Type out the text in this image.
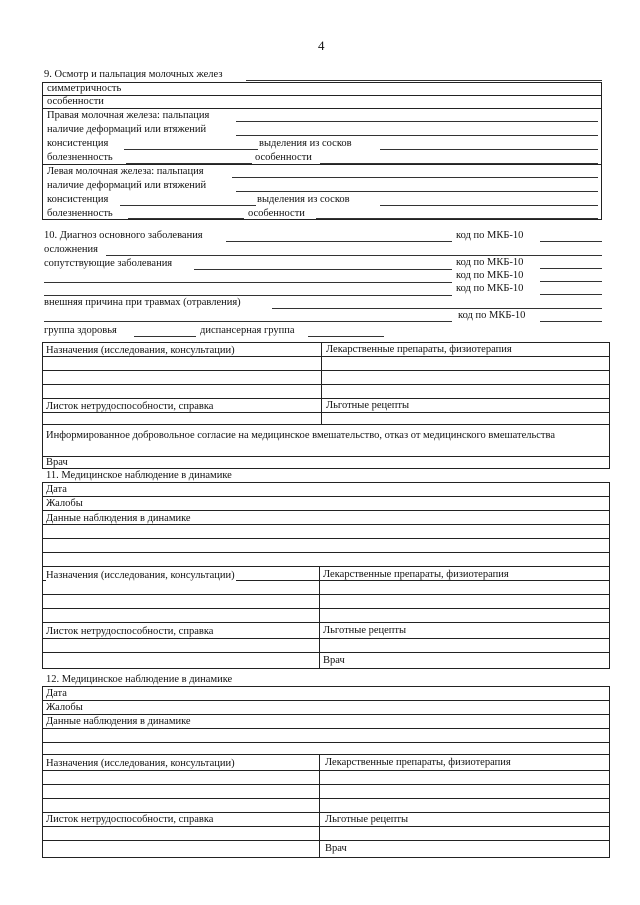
4
9. Осмотр и пальпация молочных желез
симметричность
особенности
Правая молочная железа: пальпация
наличие деформаций или втяжений
консистенция	выделения из сосков
болезненность	особенности
Левая молочная железа: пальпация
наличие деформаций или втяжений
консистенция	выделения из сосков
болезненность	особенности
10. Диагноз основного заболевания	код по МКБ-10
осложнения
сопутствующие заболевания	код по МКБ-10
код по МКБ-10
код по МКБ-10
внешняя причина при травмах (отравления)
код по МКБ-10
группа здоровья	диспансерная группа
Назначения (исследования, консультации)	Лекарственные препараты, физиотерапия
Листок нетрудоспособности, справка	Льготные рецепты
Информированное добровольное согласие на медицинское вмешательство, отказ от медицинского вмешательства
Врач
11. Медицинское наблюдение в динамике
Дата
Жалобы
Данные наблюдения в динамике
Назначения (исследования, консультации)	Лекарственные препараты, физиотерапия
Листок нетрудоспособности, справка	Льготные рецепты
Врач
12. Медицинское наблюдение в динамике
Дата
Жалобы
Данные наблюдения в динамике
Назначения (исследования, консультации)	Лекарственные препараты, физиотерапия
Листок нетрудоспособности, справка	Льготные рецепты
Врач
